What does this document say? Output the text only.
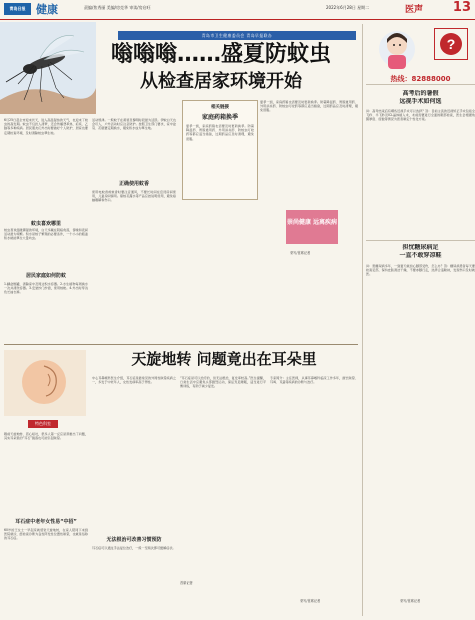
青岛日报 健康	责编/焦秀丽 美编/房克华 审读/房启旺	2022年6月28日 星期二	医声 13
青岛市卫生健康委员会 青岛早报联办
嗡嗡嗡……盛夏防蚊虫
从检查居家环境开始
?
热线：82888000
高考后的暑假
远视手术如何选
问：高考结束后有哪些近视手术可以选择？答：目前主流的近视矫正手术包括全飞秒、半飞秒及ICL晶体植入术，术前需要进行全面的眼部检查，医生会根据角膜厚度、度数等情况为患者制定个性化方案。
担忧糖尿病足
一直不敢穿凉鞋
问：患糖尿病多年，一到夏天就担心脚部受伤，怎么办？答：糖尿病患者每天要检查足部，保持皮肤清洁干燥，不要赤脚行走，选择合适鞋袜，发现伤口及时就医。
采写/首席记者
6月25日起全市迎来伏天，进入高温湿热的天气，也迎来了蚊虫的高发期。蚊虫不仅扰人清梦，还会传播登革热、疟疾、乙脑等多种疾病。居民朋友们外出时要做好个人防护，居家也要定期检查环境，及时清除蚊虫孳生地。
蚊虫喜欢哪里
蚊虫喜欢温暖潮湿的环境，白天多藏在阴暗角落，傍晚和夜间活动最为频繁。积水是蚊子繁殖的必要条件，一个小小的瓶盖积水就能孳生大量幼虫。
居民家庭如何防蚊
1.翻盆倒罐，清除家中及周边积水容器。2.水生植物每周换水一次并清洗容器。3.安装纱门纱窗，使用蚊帐。4.外出时穿浅色长袖衣裤。
活动规律。一般蚊子在黄昏及黎明时段最为活跃。伊蚊白天也会叮人，户外活动时应注意防护。按照卫生部门要求，家中盆景、花瓶要定期换水，避免积水成为孳生地。
正确使用蚊香
使用电蚊香或蚊香时要注意通风，不要长时间在密闭房间使用，儿童房间慎用。驱蚊花露水等产品应按说明使用，避免接触眼睛和伤口。
相关链接
家庭药箱换季
夏季一到，家庭药箱也需要及时更新换季。防暑降温药、胃肠道用药、外用消炎药、防蚊虫叮咬药等都应适当储备，过期药品应及时清理，避免误服。
夏季一到，家庭药箱也需要及时更新换季。防暑降温药、胃肠道用药、外用消炎药、防蚊虫叮咬药等都应适当储备，过期药品应及时清理，避免误服。
崇尚健康 远离疾病
采写/首席记者
天旋地转 问题竟出在耳朵里
特色科室
眼前天旋地转、恶心呕吐，很多人第一反应是颈椎出了问题，其实耳朵里的“耳石”脱落也可能引起眩晕。
耳石症中老年女性易“中招”
60岁的王女士一早起床就感觉天旋地转，在家人陪同下来到医院就诊，经检查诊断为良性阵发性位置性眩晕，也就是俗称的耳石症。
中心耳鼻喉科医生介绍，耳石症是最常见的外周性眩晕疾病之一，多发于中老年人，女性发病率高于男性。
无法根治可改善习惯预防
耳石症可以通过手法复位治疗，一般一至两次即可缓解症状。
“耳石症是可以治疗的，但无法根治，复发率较高。”医生提醒，日常生活中应避免头部剧烈运动，保证充足睡眠，适当进行平衡训练，有助于减少复发。
首席记者
专家简介：主任医师，从事耳鼻喉科临床工作多年，擅长眩晕、耳鸣、耳聋等疾病的诊断与治疗。
采写/首席记者
